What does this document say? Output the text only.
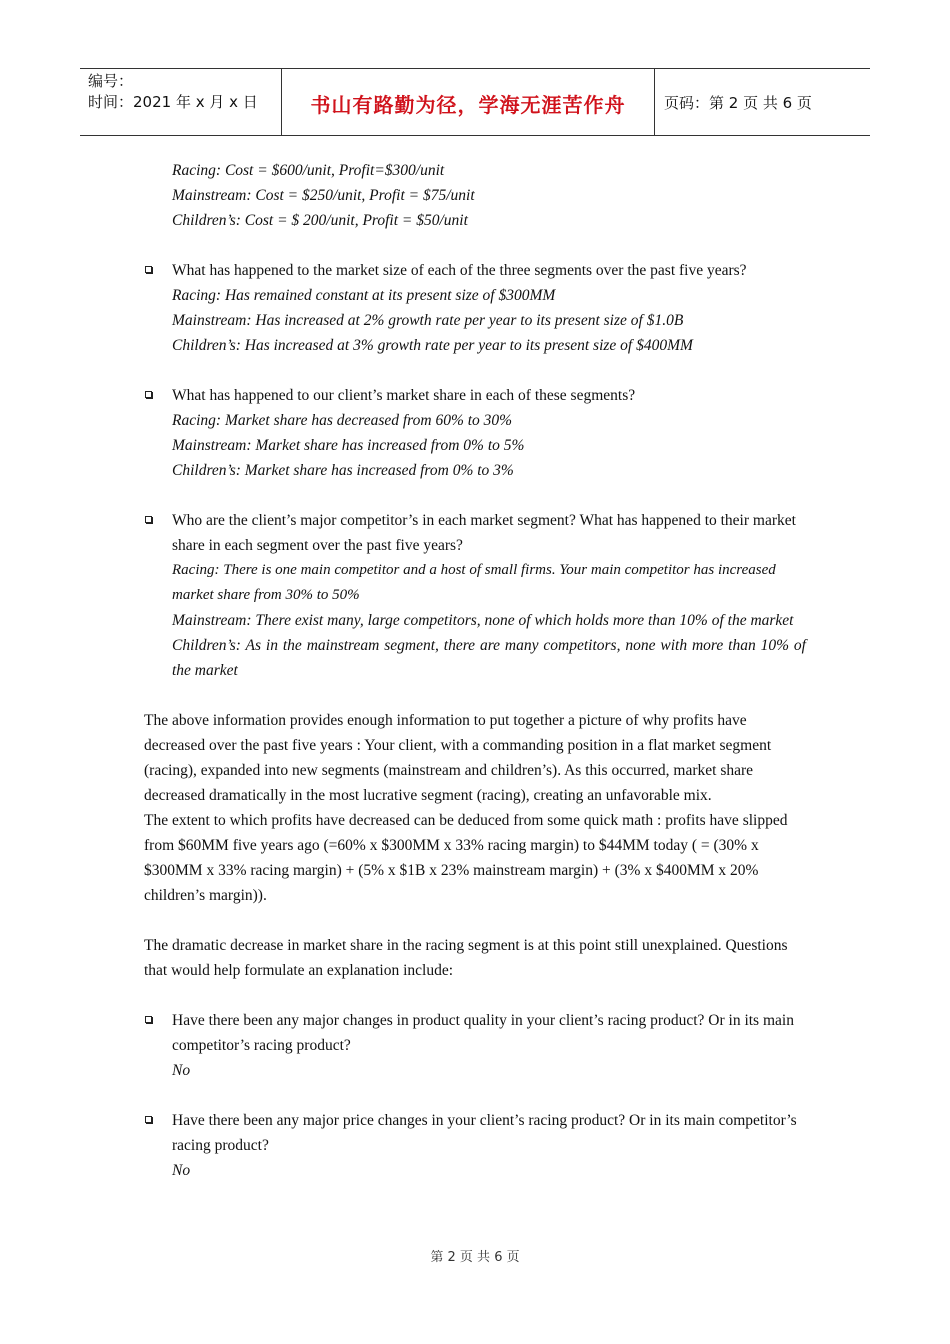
编号：
时间：2021 年 x 月 x 日	书山有路勤为径，学海无涯苦作舟	页码：第 2 页 共 6 页
Racing: Cost = $600/unit, Profit=$300/unit
Mainstream: Cost = $250/unit, Profit = $75/unit
Children’s: Cost = $ 200/unit, Profit = $50/unit
What has happened to the market size of each of the three segments over the past five years?
Racing: Has remained constant at its present size of $300MM
Mainstream: Has increased at 2% growth rate per year to its present size of $1.0B
Children’s: Has increased at 3% growth rate per year to its present size of $400MM
What has happened to our client’s market share in each of these segments?
Racing: Market share has decreased from 60% to 30%
Mainstream: Market share has increased from 0% to 5%
Children’s: Market share has increased from 0% to 3%
Who are the client’s major competitor’s in each market segment? What has happened to their market share in each segment over the past five years?
Racing: There is one main competitor and a host of small firms. Your main competitor has increased market share from 30% to 50%
Mainstream: There exist many, large competitors, none of which holds more than 10% of the market
Children’s: As in the mainstream segment, there are many competitors, none with more than 10% of the market
The above information provides enough information to put together a picture of why profits have decreased over the past five years : Your client, with a commanding position in a flat market segment (racing), expanded into new segments (mainstream and children’s). As this occurred, market share decreased dramatically in the most lucrative segment (racing), creating an unfavorable mix.
The extent to which profits have decreased can be deduced from some quick math : profits have slipped from $60MM five years ago (=60% x $300MM x 33% racing margin) to $44MM today ( = (30% x $300MM x 33% racing margin) + (5% x $1B x 23% mainstream margin) + (3% x $400MM x 20% children’s margin)).
The dramatic decrease in market share in the racing segment is at this point still unexplained. Questions that would help formulate an explanation include:
Have there been any major changes in product quality in your client’s racing product? Or in its main competitor’s racing product?
No
Have there been any major price changes in your client’s racing product? Or in its main competitor’s racing product?
No
第 2 页 共 6 页
